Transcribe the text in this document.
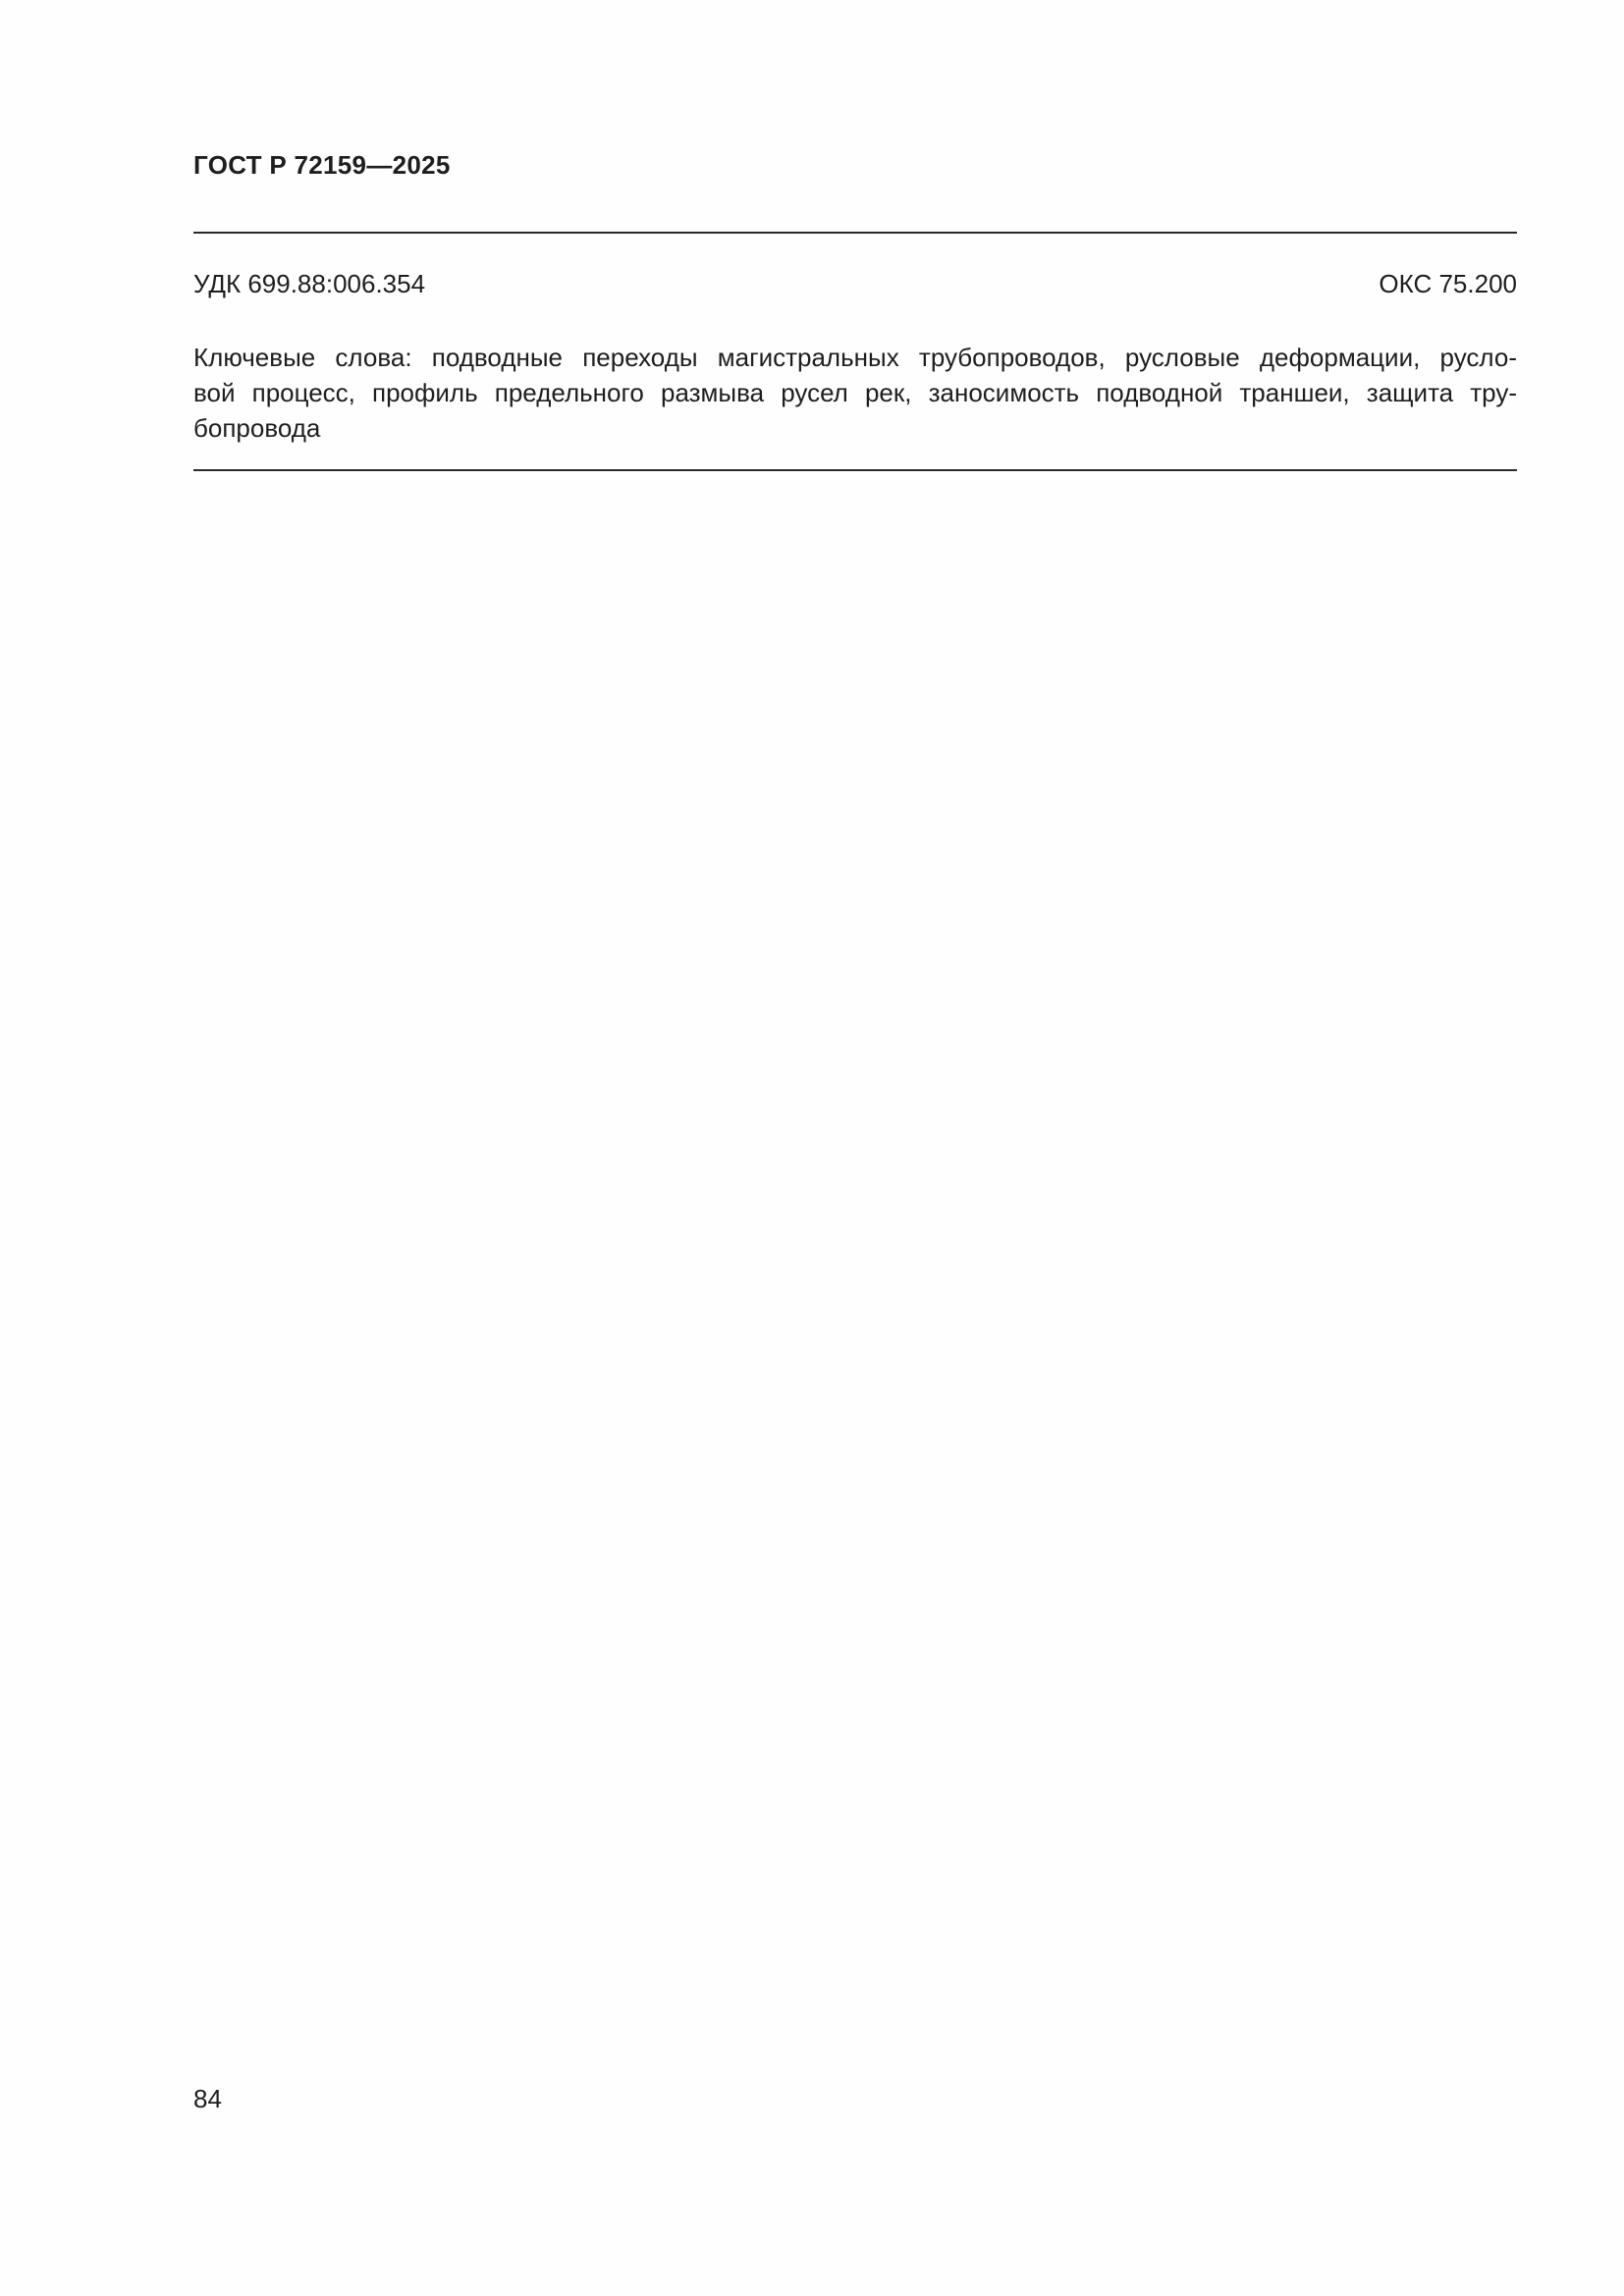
ГОСТ Р 72159—2025
УДК 699.88:006.354	ОКС 75.200
Ключевые слова: подводные переходы магистральных трубопроводов, русловые деформации, русло-
вой процесс, профиль предельного размыва русел рек, заносимость подводной траншеи, защита тру-
бопровода
84
